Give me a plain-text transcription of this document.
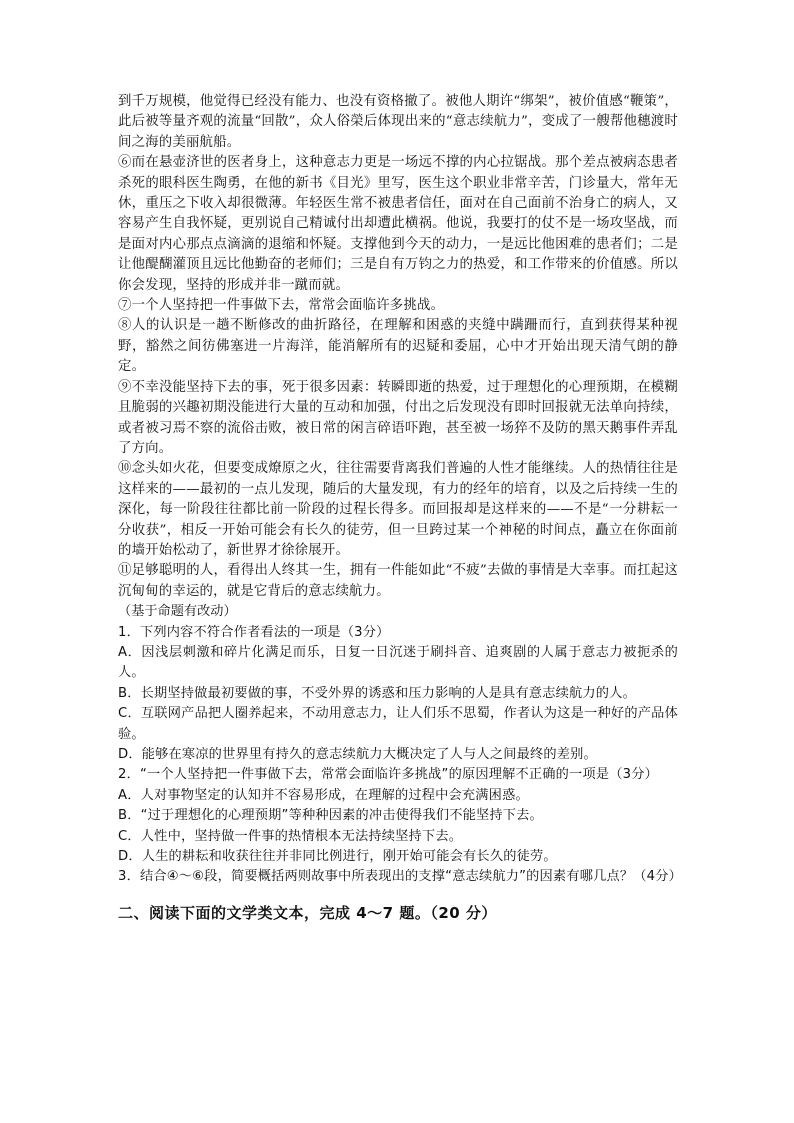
到千万规模，他觉得已经没有能力、也没有资格撤了。被他人期许“绑架”，被价值感“鞭策”，此后被等量齐观的流量“回散”，众人俗榮后体现出来的“意志续航力”，变成了一艘帮他穗渡时间之海的美丽航船。

⑥而在悬壶济世的医者身上，这种意志力更是一场远不撑的内心拉锯战。那个差点被病态患者杀死的眼科医生陶勇，在他的新书《目光》里写，医生这个职业非常辛苦，门诊量大，常年无休，重压之下收入却很微薄。年轻医生常不被患者信任，面对在自己面前不治身亡的病人，又容易产生自我怀疑，更别说自己精诚付出却遭此横祸。他说，我要打的仗不是一场攻坚战，而是面对内心那点点滴滴的退缩和怀疑。支撑他到今天的动力，一是远比他困难的患者们；二是让他醍醐灌顶且远比他勤奋的老师们；三是自有万钧之力的热爱，和工作带来的价值感。所以你会发现，坚持的形成并非一蹴而就。

⑦一个人坚持把一件事做下去，常常会面临许多挑战。

⑧人的认识是一趟不断修改的曲折路径，在理解和困惑的夹缝中蹒跚而行，直到获得某种视野，豁然之间彷佛塞进一片海洋，能消解所有的迟疑和委屈，心中才开始出现天清气朗的静定。

⑨不幸没能坚持下去的事，死于很多因素：转瞬即逝的热爱，过于理想化的心理预期，在模糊且脆弱的兴趣初期没能进行大量的互动和加强，付出之后发现没有即时回报就无法单向持续，或者被习焉不察的流俗击败，被日常的闲言碎语吓跑，甚至被一场猝不及防的黑天鹅事件弄乱了方向。

⑩念头如火花，但要变成燎原之火，往往需要背离我们普遍的人性才能继续。人的热情往往是这样来的——最初的一点儿发现，随后的大量发现，有力的经年的培育，以及之后持续一生的深化，每一阶段往往都比前一阶段的过程长得多。而回报却是这样来的——不是“一分耕耘一分收获”，相反一开始可能会有长久的徒劳，但一旦跨过某一个神秘的时间点，矗立在你面前的墙开始松动了，新世界才徐徐展开。

⑪足够聪明的人，看得出人终其一生，拥有一件能如此“不疲”去做的事情是大幸事。而扛起这沉甸甸的幸运的，就是它背后的意志续航力。

（基于命题有改动）

1．下列内容不符合作者看法的一项是（3分）

A．因浅层刺激和碎片化满足而乐，日复一日沉迷于刷抖音、追爽剧的人属于意志力被扼杀的人。

B．长期坚持做最初要做的事，不受外界的诱惑和压力影响的人是具有意志续航力的人。

C．互联网产品把人圈养起来，不动用意志力，让人们乐不思蜀，作者认为这是一种好的产品体验。

D．能够在寒凉的世界里有持久的意志续航力大概决定了人与人之间最终的差别。

2．“一个人坚持把一件事做下去，常常会面临许多挑战”的原因理解不正确的一项是（3分）

A．人对事物坚定的认知并不容易形成，在理解的过程中会充满困惑。

B．“过于理想化的心理预期”等种种因素的冲击使得我们不能坚持下去。

C．人性中，坚持做一件事的热情根本无法持续坚持下去。

D．人生的耕耘和收获往往并非同比例进行，刚开始可能会有长久的徒劳。

3．结合④～⑥段，简要概括两则故事中所表现出的支撑“意志续航力”的因素有哪几点？（4分）

二、阅读下面的文学类文本，完成 4～7 题。（20 分）
